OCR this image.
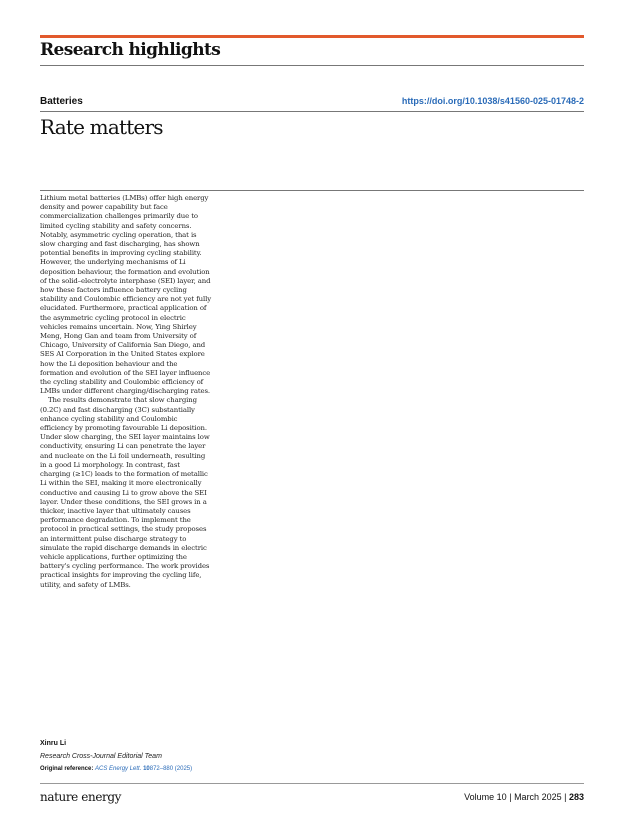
Research highlights
Batteries	https://doi.org/10.1038/s41560-025-01748-2
Rate matters

Lithium metal batteries (LMBs) offer high energy density and power capability but face commercialization challenges primarily due to limited cycling stability and safety concerns. Notably, asymmetric cycling operation, that is slow charging and fast discharging, has shown potential benefits in improving cycling stability. However, the underlying mechanisms of Li deposition behaviour, the formation and evolution of the solid–electrolyte interphase (SEI) layer, and how these factors influence battery cycling stability and Coulombic efficiency are not yet fully elucidated. Furthermore, practical application of the asymmetric cycling protocol in electric vehicles remains uncertain. Now, Ying Shirley Meng, Hong Gan and team from University of Chicago, University of California San Diego, and SES AI Corporation in the United States explore how the Li deposition behaviour and the formation and evolution of the SEI layer influence the cycling stability and Coulombic efficiency of LMBs under different charging/discharging rates.

The results demonstrate that slow charging (0.2C) and fast discharging (3C) substantially enhance cycling stability and Coulombic efficiency by promoting favourable Li deposition. Under slow charging, the SEI layer maintains low conductivity, ensuring Li can penetrate the layer and nucleate on the Li foil underneath, resulting in a good Li morphology. In contrast, fast charging (≥1C) leads to the formation of metallic Li within the SEI, making it more electronically conductive and causing Li to grow above the SEI layer. Under these conditions, the SEI grows in a thicker, inactive layer that ultimately causes performance degradation. To implement the protocol in practical settings, the study proposes an intermittent pulse discharge strategy to simulate the rapid discharge demands in electric vehicle applications, further optimizing the battery's cycling performance. The work provides practical insights for improving the cycling life, utility, and safety of LMBs.

Xinru Li
Research Cross-Journal Editorial Team
Original reference: ACS Energy Lett. 10872–880 (2025)
nature energy	Volume 10 | March 2025 | 283
